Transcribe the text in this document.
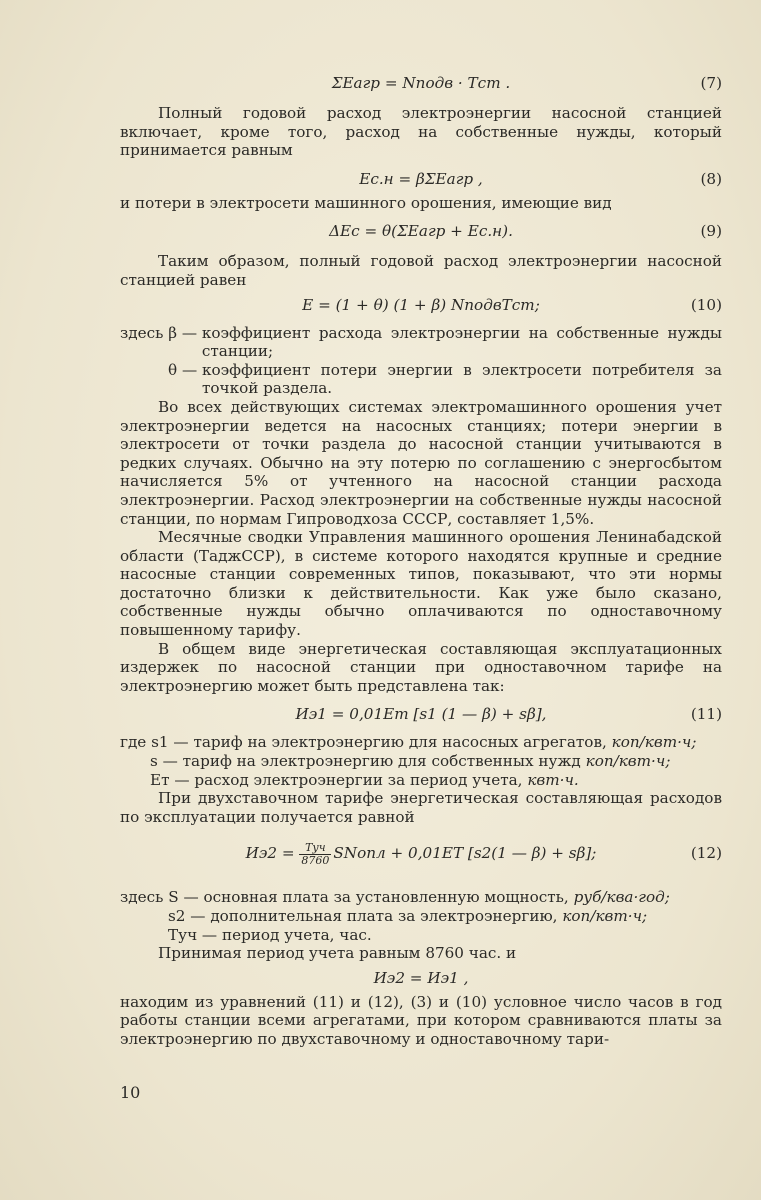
ΣEагр = Nподв · Tст .	(7)

Полный годовой расход электроэнергии насосной станцией включает, кроме того, расход на собственные нужды, который принимается равным

Eс.н = βΣEагр ,	(8)

и потери в электросети машинного орошения, имеющие вид

ΔEс = θ(ΣEагр + Eс.н).	(9)

Таким образом, полный годовой расход электроэнергии насосной станцией равен

E = (1 + θ) (1 + β) NподвTст;	(10)
здесь β — коэффициент расхода электроэнергии на собственные нужды станции;
θ — коэффициент потери энергии в электросети потребителя за точкой раздела.

Во всех действующих системах электромашинного орошения учет электроэнергии ведется на насосных станциях; потери энергии в электросети от точки раздела до насосной станции учитываются в редких случаях. Обычно на эту потерю по соглашению с энергосбытом начисляется 5% от учтенного на насосной станции расхода электроэнергии. Расход электроэнергии на собственные нужды насосной станции, по нормам Гипроводхоза СССР, составляет 1,5%.

Месячные сводки Управления машинного орошения Ленинабадской области (ТаджССР), в системе которого находятся крупные и средние насосные станции современных типов, показывают, что эти нормы достаточно близки к действительности. Как уже было сказано, собственные нужды обычно оплачиваются по одноставочному повышенному тарифу.

В общем виде энергетическая составляющая эксплуатационных издержек по насосной станции при одноставочном тарифе на электроэнергию может быть представлена так:

Иэ1 = 0,01Eт [s1 (1 — β) + sβ],	(11)
где s1 — тариф на электроэнергию для насосных агрегатов, коп/квт·ч;
s — тариф на электроэнергию для собственных нужд коп/квт·ч;
Eт — расход электроэнергии за период учета, квт·ч.

При двухставочном тарифе энергетическая составляющая расходов по эксплуатации получается равной

$Иэ2 = \frac{\text{Tуч}}{8760}$ SNопл + 0,01ET [s2(1 — β) + sβ];	(12)
здесь S — основная плата за установленную мощность, руб/ква·год;
s2 — дополнительная плата за электроэнергию, коп/квт·ч;
Tуч — период учета, час.

Принимая период учета равным 8760 час. и

Иэ2 = Иэ1 ,

находим из уравнений (11) и (12), (3) и (10) условное число часов в год работы станции всеми агрегатами, при котором сравниваются платы за электроэнергию по двухставочному и одноставочному тари-

10
